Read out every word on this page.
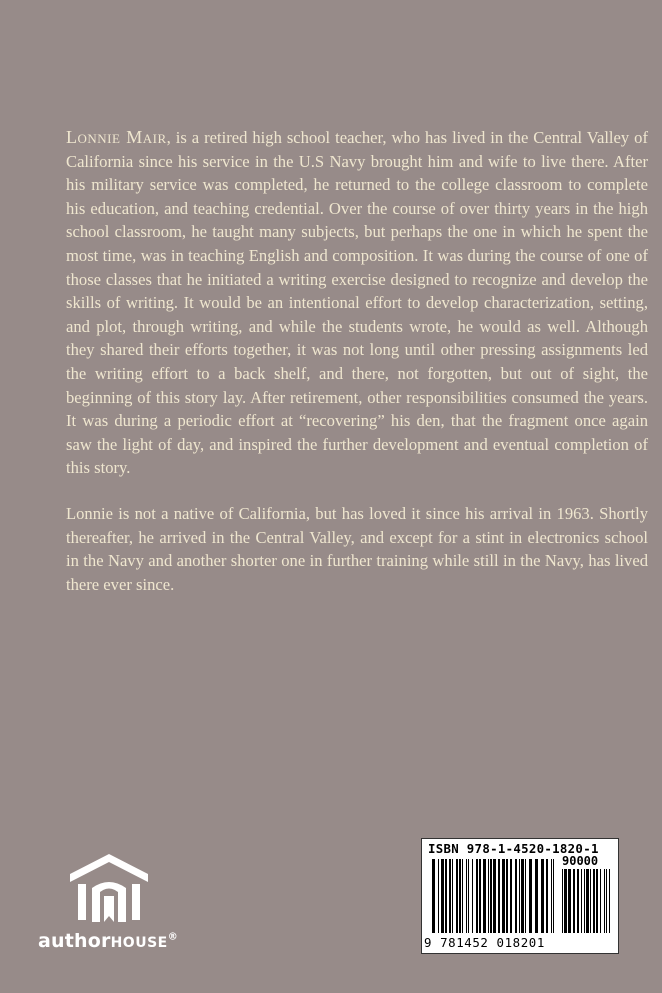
Lonnie Mair, is a retired high school teacher, who has lived in the Central Valley of California since his service in the U.S Navy brought him and wife to live there. After his military service was completed, he returned to the college classroom to complete his education, and teaching credential. Over the course of over thirty years in the high school classroom, he taught many subjects, but perhaps the one in which he spent the most time, was in teaching English and composition. It was during the course of one of those classes that he initiated a writing exercise designed to recognize and develop the skills of writing. It would be an intentional effort to develop characterization, setting, and plot, through writing, and while the students wrote, he would as well. Although they shared their efforts together, it was not long until other pressing assignments led the writing effort to a back shelf, and there, not forgotten, but out of sight, the beginning of this story lay. After retirement, other responsibilities consumed the years. It was during a periodic effort at “recovering” his den, that the fragment once again saw the light of day, and inspired the further development and eventual completion of this story.

Lonnie is not a native of California, but has loved it since his arrival in 1963. Shortly thereafter, he arrived in the Central Valley, and except for a stint in electronics school in the Navy and another shorter one in further training while still in the Navy, has lived there ever since.

authorHOUSE®
ISBN 978-1-4520-1820-1
90000
9 781452 018201
